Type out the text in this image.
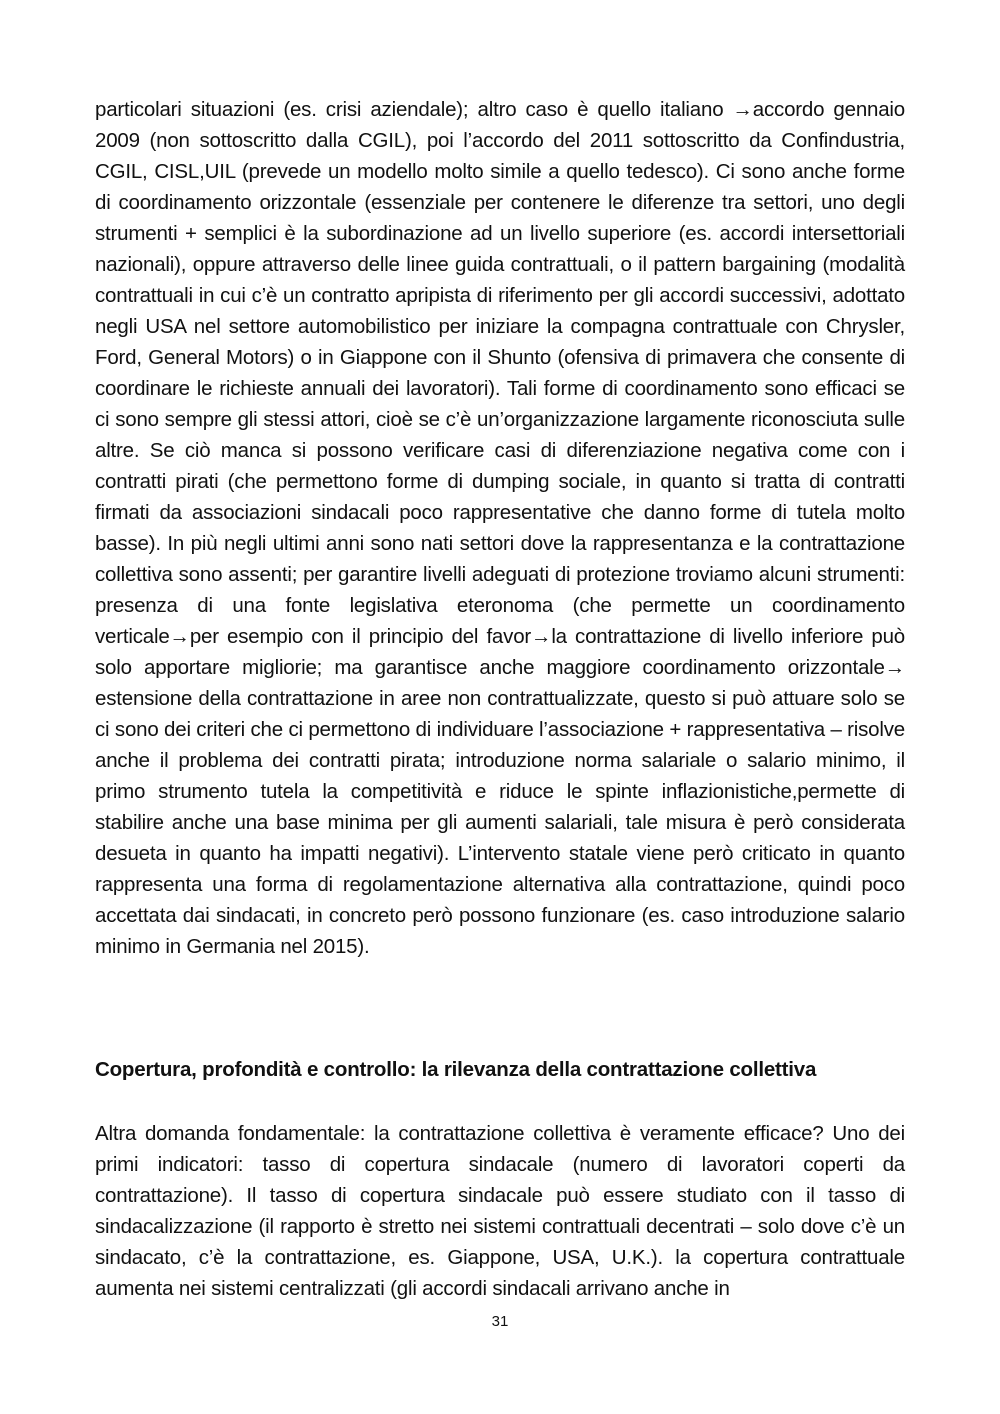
particolari situazioni (es. crisi aziendale); altro caso è quello italiano →accordo gennaio 2009 (non sottoscritto dalla CGIL), poi l’accordo del 2011 sottoscritto da Confindustria, CGIL, CISL,UIL (prevede un modello molto simile a quello tedesco). Ci sono anche forme di coordinamento orizzontale (essenziale per contenere le diferenze tra settori, uno degli strumenti + semplici è la subordinazione ad un livello superiore (es. accordi intersettoriali nazionali), oppure attraverso delle linee guida contrattuali, o il pattern bargaining (modalità contrattuali in cui c’è un contratto apripista di riferimento per gli accordi successivi, adottato negli USA nel settore automobilistico per iniziare la compagna contrattuale con Chrysler, Ford, General Motors) o in Giappone con il Shunto (ofensiva di primavera che consente di coordinare le richieste annuali dei lavoratori). Tali forme di coordinamento sono efficaci se ci sono sempre gli stessi attori, cioè se c’è un’organizzazione largamente riconosciuta sulle altre. Se ciò manca si possono verificare casi di diferenziazione negativa come con i contratti pirati (che permettono forme di dumping sociale, in quanto si tratta di contratti firmati da associazioni sindacali poco rappresentative che danno forme di tutela molto basse). In più negli ultimi anni sono nati settori dove la rappresentanza e la contrattazione collettiva sono assenti; per garantire livelli adeguati di protezione troviamo alcuni strumenti: presenza di una fonte legislativa eteronoma (che permette un coordinamento verticale→per esempio con il principio del favor→la contrattazione di livello inferiore può solo apportare migliorie; ma garantisce anche maggiore coordinamento orizzontale→ estensione della contrattazione in aree non contrattualizzate, questo si può attuare solo se ci sono dei criteri che ci permettono di individuare l’associazione + rappresentativa – risolve anche il problema dei contratti pirata; introduzione norma salariale o salario minimo, il primo strumento tutela la competitività e riduce le spinte inflazionistiche,permette di stabilire anche una base minima per gli aumenti salariali, tale misura è però considerata desueta in quanto ha impatti negativi). L’intervento statale viene però criticato in quanto rappresenta una forma di regolamentazione alternativa alla contrattazione, quindi poco accettata dai sindacati, in concreto però possono funzionare (es. caso introduzione salario minimo in Germania nel 2015).

Copertura, profondità e controllo: la rilevanza della contrattazione collettiva

Altra domanda fondamentale: la contrattazione collettiva è veramente efficace? Uno dei primi indicatori: tasso di copertura sindacale (numero di lavoratori coperti da contrattazione). Il tasso di copertura sindacale può essere studiato con il tasso di sindacalizzazione (il rapporto è stretto nei sistemi contrattuali decentrati – solo dove c’è un sindacato, c’è la contrattazione, es. Giappone, USA, U.K.). la copertura contrattuale aumenta nei sistemi centralizzati (gli accordi sindacali arrivano anche in

31
